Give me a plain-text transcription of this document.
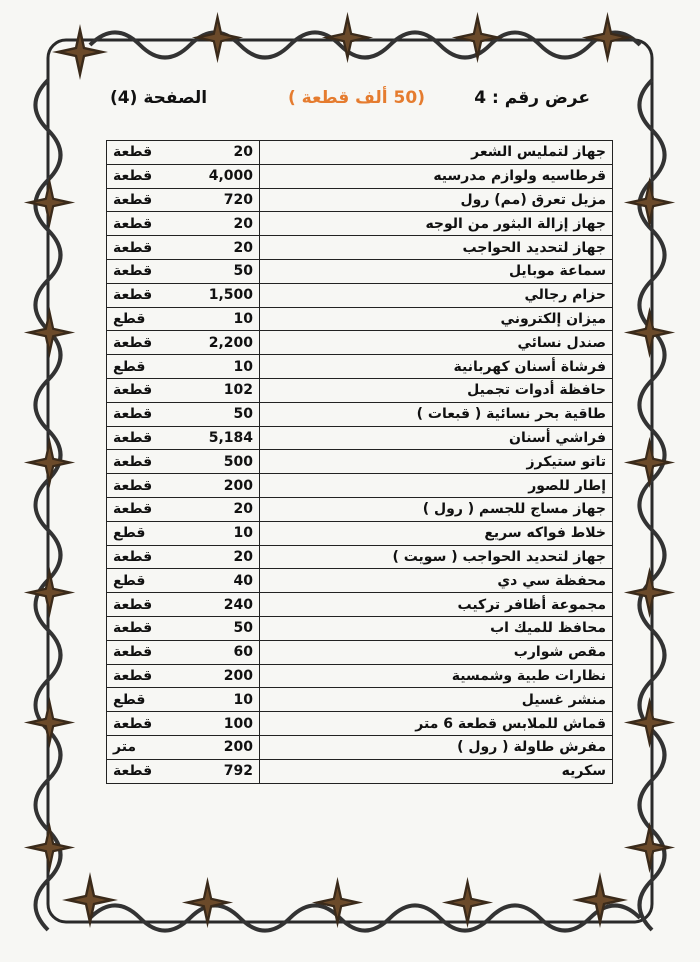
عرض رقم : 4
(50 ألف قطعة )
الصفحة (4)
جهاز لتمليس الشعر	قطعة 20

قرطاسيه ولوازم مدرسيه	قطعة 4,000

مزيل تعرق (مم) رول	قطعة 720

جهاز إزالة البثور من الوجه	قطعة 20

جهاز لتحديد الحواجب	قطعة 20

سماعة موبايل	قطعة 50

حزام رجالي	قطعة 1,500

ميزان إلكتروني	قطع 10

صندل نسائي	قطعة 2,200

فرشاة أسنان كهربانية	قطع 10

حافظة أدوات تجميل	قطعة 102

طاقية بحر نسائية ( قبعات )	قطعة 50

فراشي أسنان	قطعة 5,184

تاتو ستيكرز	قطعة 500

إطار للصور	قطعة 200

جهاز مساج للجسم ( رول )	قطعة 20

خلاط فواكه سريع	قطع 10

جهاز لتحديد الحواجب ( سويت )	قطعة 20

محفظة سي دي	قطع 40

مجموعة أظافر تركيب	قطعة 240

محافظ للميك اب	قطعة 50

مقص شوارب	قطعة 60

نظارات طبية وشمسية	قطعة 200

منشر غسيل	قطع 10

قماش للملابس قطعة 6 متر	قطعة 100

مفرش طاولة ( رول )	متر 200

سكريه	قطعة 792
